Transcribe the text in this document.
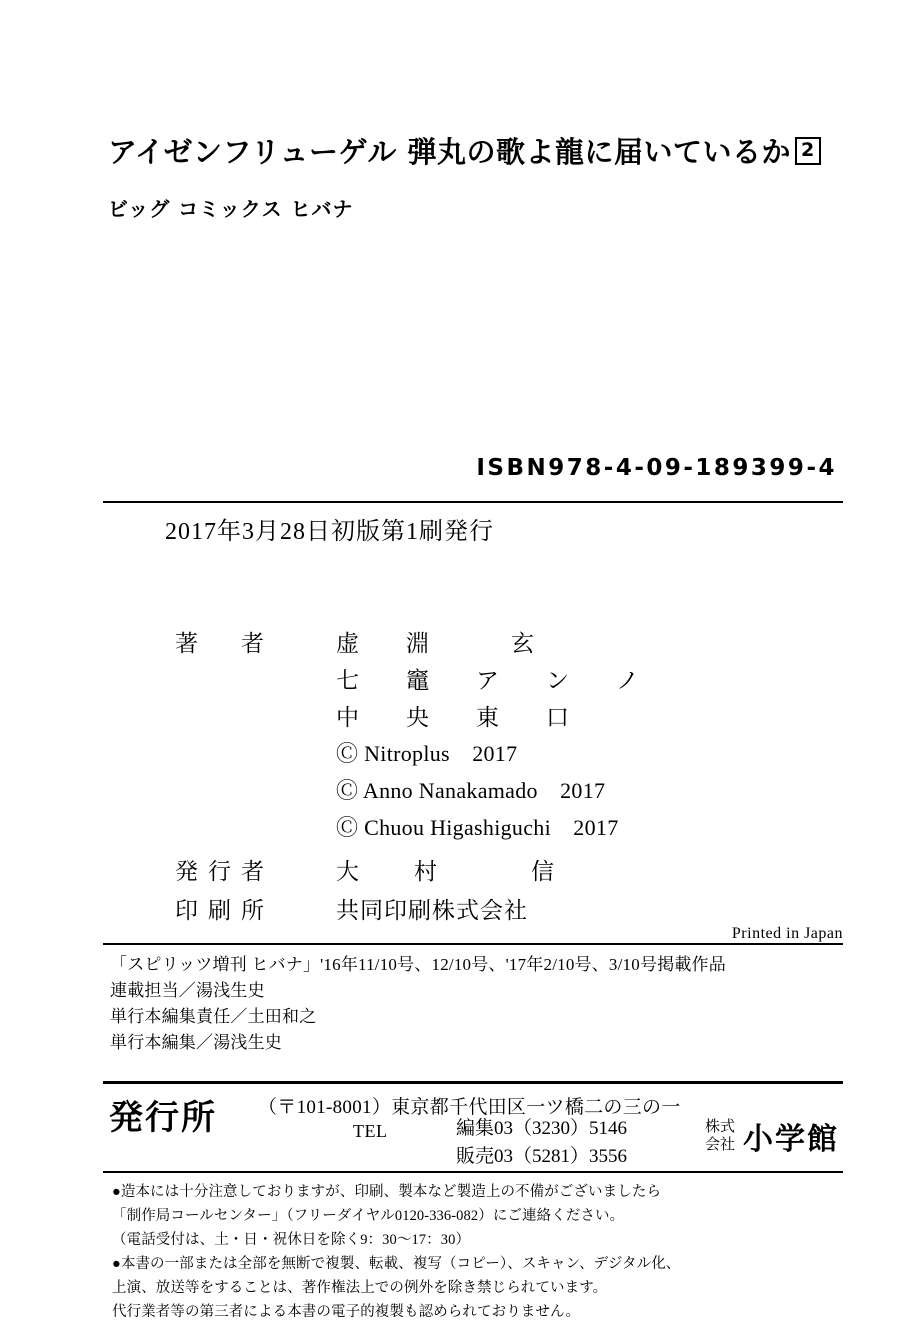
アイゼンフリューゲル 弾丸の歌よ龍に届いているか 2
ビッグ コミックス ヒバナ
ISBN978-4-09-189399-4
2017年3月28日初版第1刷発行
著　者	虚　淵　　玄
七　竈　ア　ン　ノ
中　央　東　口
Ⓒ Nitroplus　2017
Ⓒ Anno Nanakamado　2017
Ⓒ Chuou Higashiguchi　2017
発行者	大　村　　信
印刷所	共同印刷株式会社
Printed in Japan
「スピリッツ増刊 ヒバナ」'16年11/10号、12/10号、'17年2/10号、3/10号掲載作品
連載担当／湯浅生史
単行本編集責任／土田和之
単行本編集／湯浅生史
発行所 （〒101-8001）東京都千代田区一ツ橋二の三の一
TEL	編集03（3230）5146
販売03（5281）3556
株式
会社 小学館
●造本には十分注意しておりますが、印刷、製本など製造上の不備がございましたら
「制作局コールセンター」（フリーダイヤル0120-336-082）にご連絡ください。
（電話受付は、土・日・祝休日を除く9：30〜17：30）
●本書の一部または全部を無断で複製、転載、複写（コピー）、スキャン、デジタル化、
上演、放送等をすることは、著作権法上での例外を除き禁じられています。
代行業者等の第三者による本書の電子的複製も認められておりません。
